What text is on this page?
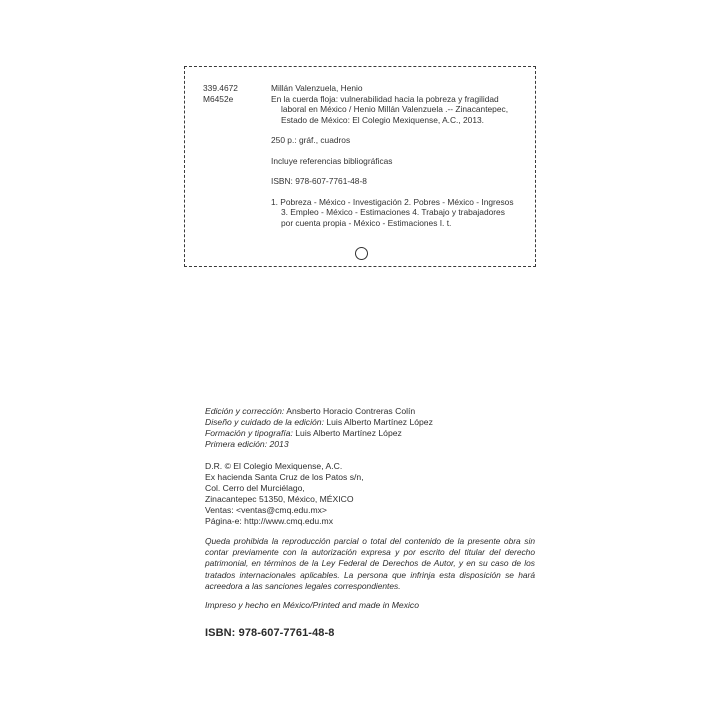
339.4672
M6452e

Millán Valenzuela, Henio

En la cuerda floja: vulnerabilidad hacia la pobreza y fragilidad

laboral en México / Henio Millán Valenzuela .-- Zinacantepec,

Estado de México: El Colegio Mexiquense, A.C., 2013.

250 p.: gráf., cuadros

Incluye referencias bibliográficas

ISBN: 978-607-7761-48-8

1. Pobreza - México - Investigación 2. Pobres - México - Ingresos

3. Empleo - México - Estimaciones 4. Trabajo y trabajadores

por cuenta propia - México - Estimaciones I. t.

Edición y corrección: Ansberto Horacio Contreras Colín
Diseño y cuidado de la edición: Luis Alberto Martínez López
Formación y tipografía: Luis Alberto Martínez López
Primera edición: 2013
D.R. © El Colegio Mexiquense, A.C.
Ex hacienda Santa Cruz de los Patos s/n,
Col. Cerro del Murciélago,
Zinacantepec 51350, México, MÉXICO
Ventas: <ventas@cmq.edu.mx>
Página-e: http://www.cmq.edu.mx
Queda prohibida la reproducción parcial o total del contenido de la presente obra sin contar previamente con la autorización expresa y por escrito del titular del derecho patrimonial, en términos de la Ley Federal de Derechos de Autor, y en su caso de los tratados internacionales aplicables. La persona que infrinja esta disposición se hará acreedora a las sanciones legales correspondientes.
Impreso y hecho en México/Printed and made in Mexico
ISBN: 978-607-7761-48-8
